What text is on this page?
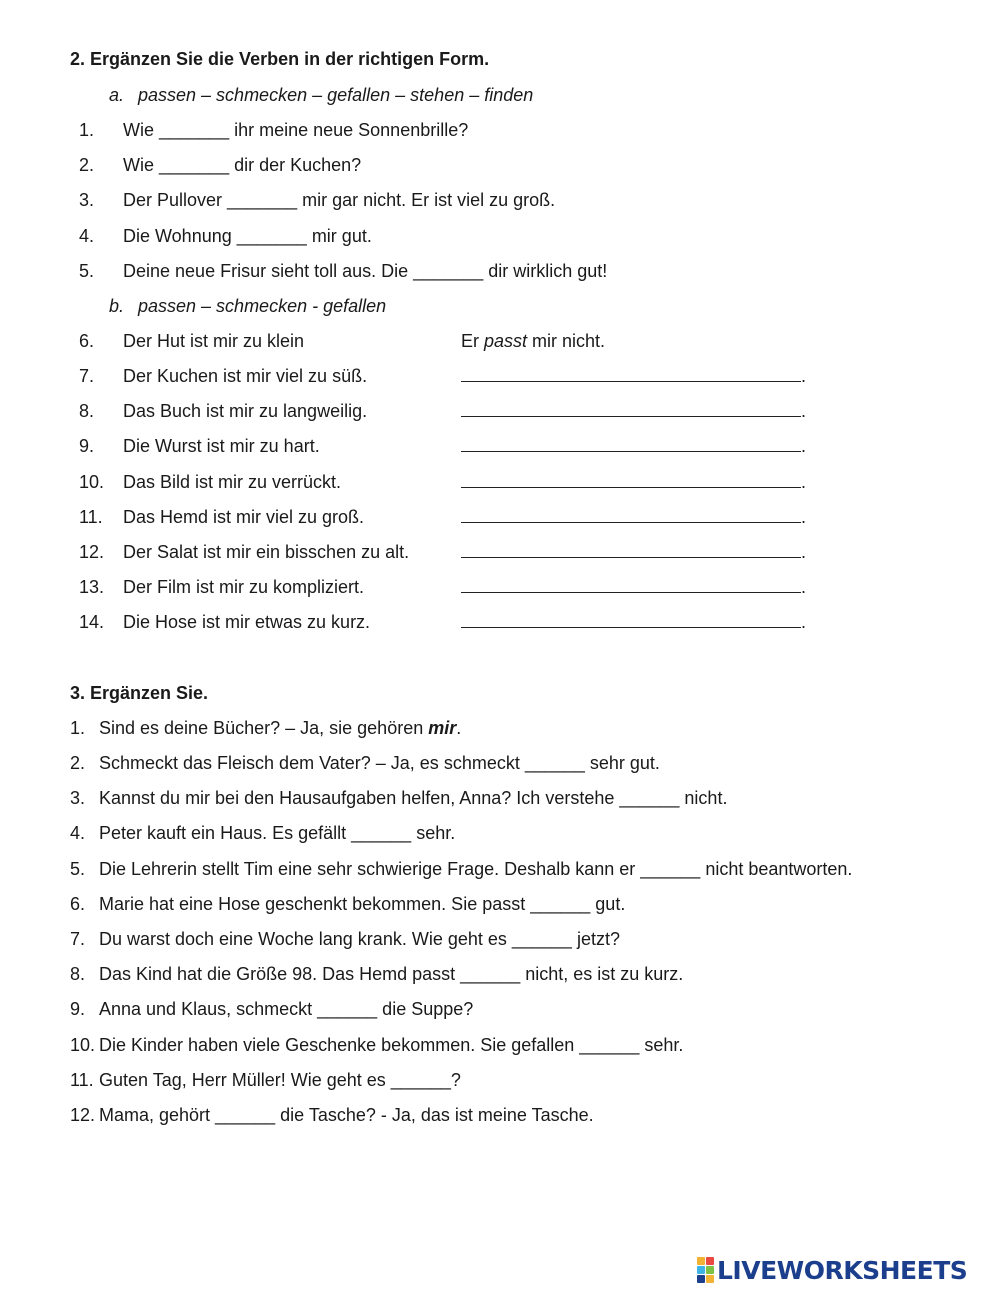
2. Ergänzen Sie die Verben in der richtigen Form.
a. passen – schmecken – gefallen – stehen – finden
1. Wie _______ ihr meine neue Sonnenbrille?
2. Wie _______ dir der Kuchen?
3. Der Pullover _______ mir gar nicht. Er ist viel zu groß.
4. Die Wohnung _______ mir gut.
5. Deine neue Frisur sieht toll aus. Die _______ dir wirklich gut!
b. passen – schmecken - gefallen
6. Der Hut ist mir zu klein	Er passt mir nicht.
7. Der Kuchen ist mir viel zu süß.	.
8. Das Buch ist mir zu langweilig.	.
9. Die Wurst ist mir zu hart.	.
10. Das Bild ist mir zu verrückt.	.
11. Das Hemd ist mir viel zu groß.	.
12. Der Salat ist mir ein bisschen zu alt.	.
13. Der Film ist mir zu kompliziert.	.
14. Die Hose ist mir etwas zu kurz.	.
3. Ergänzen Sie.
1. Sind es deine Bücher? – Ja, sie gehören mir.
2. Schmeckt das Fleisch dem Vater? – Ja, es schmeckt ______ sehr gut.
3. Kannst du mir bei den Hausaufgaben helfen, Anna? Ich verstehe ______ nicht.
4. Peter kauft ein Haus. Es gefällt ______ sehr.
5. Die Lehrerin stellt Tim eine sehr schwierige Frage. Deshalb kann er ______ nicht beantworten.
6. Marie hat eine Hose geschenkt bekommen. Sie passt ______ gut.
7. Du warst doch eine Woche lang krank. Wie geht es ______ jetzt?
8. Das Kind hat die Größe 98. Das Hemd passt ______ nicht, es ist zu kurz.
9. Anna und Klaus, schmeckt ______ die Suppe?
10. Die Kinder haben viele Geschenke bekommen. Sie gefallen ______ sehr.
11. Guten Tag, Herr Müller! Wie geht es ______?
12. Mama, gehört ______ die Tasche? - Ja, das ist meine Tasche.
LIVEWORKSHEETS
